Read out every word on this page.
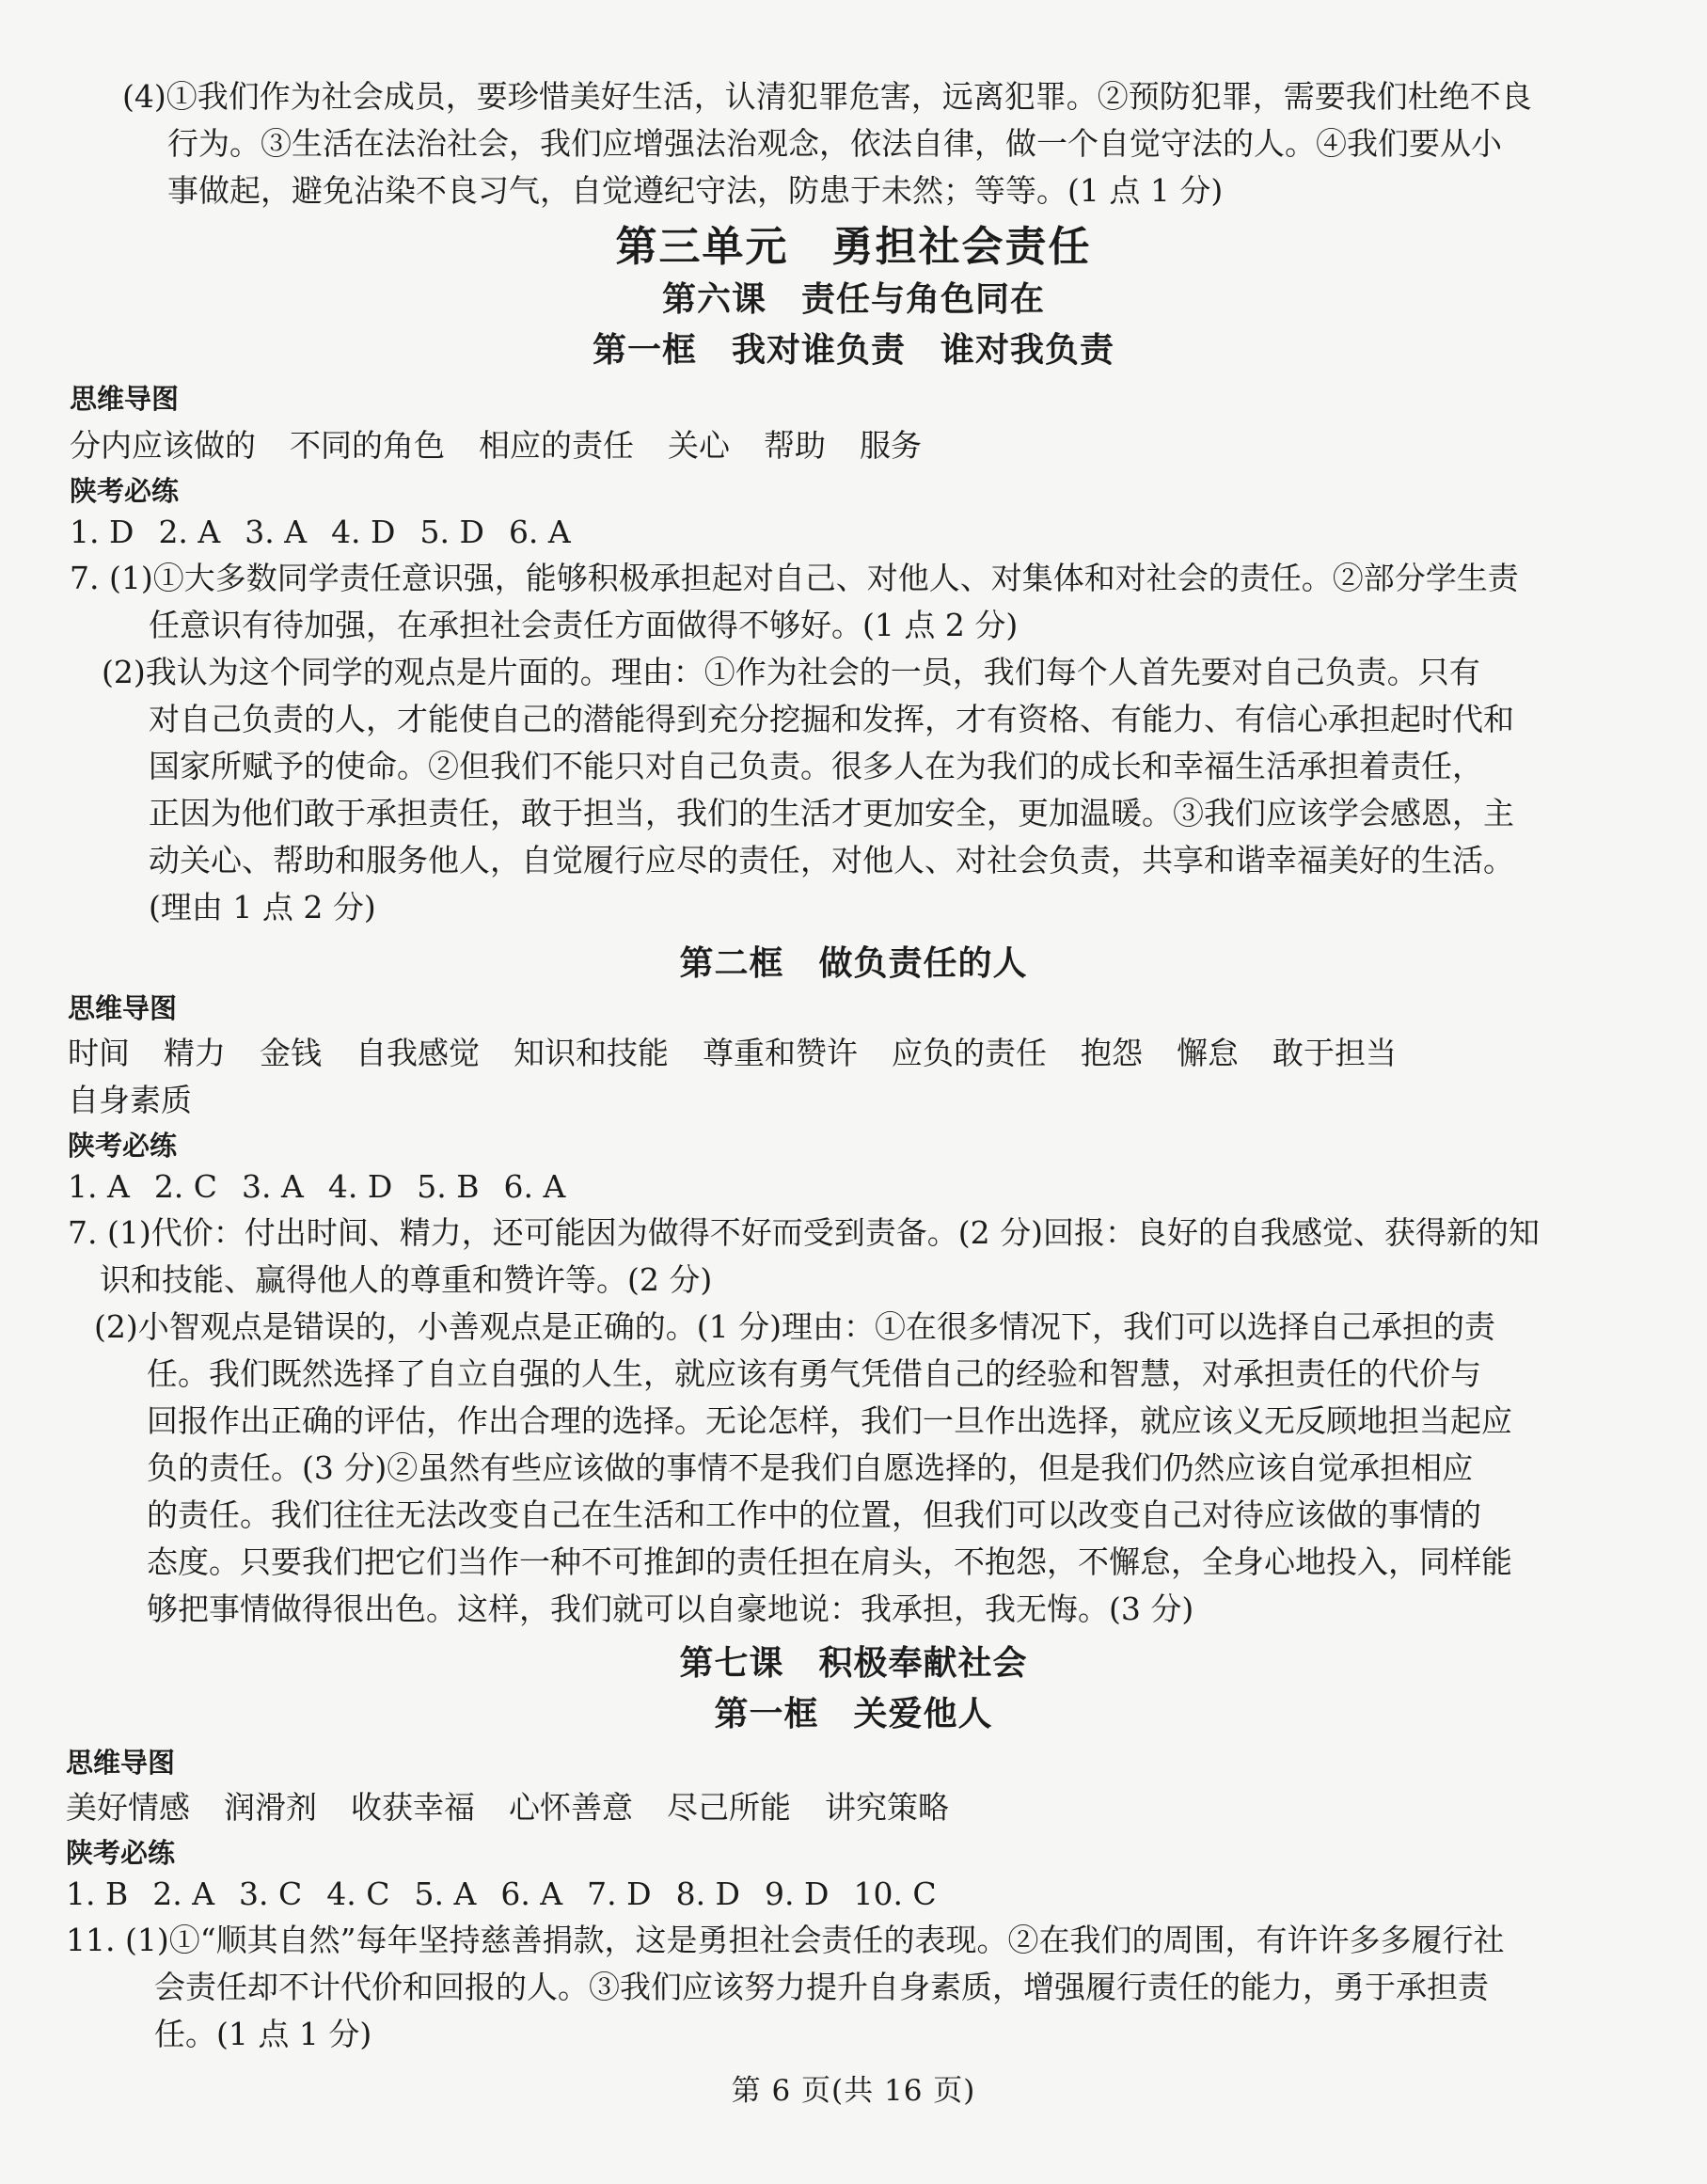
(4)①我们作为社会成员，要珍惜美好生活，认清犯罪危害，远离犯罪。②预防犯罪，需要我们杜绝不良
行为。③生活在法治社会，我们应增强法治观念，依法自律，做一个自觉守法的人。④我们要从小
事做起，避免沾染不良习气，自觉遵纪守法，防患于未然；等等。(1 点 1 分)
第三单元　勇担社会责任
第六课　责任与角色同在
第一框　我对谁负责　谁对我负责
思维导图
分内应该做的 不同的角色 相应的责任 关心 帮助 服务
陕考必练
1. D 2. A 3. A 4. D 5. D 6. A
7. (1)①大多数同学责任意识强，能够积极承担起对自己、对他人、对集体和对社会的责任。②部分学生责
任意识有待加强，在承担社会责任方面做得不够好。(1 点 2 分)
(2)我认为这个同学的观点是片面的。理由：①作为社会的一员，我们每个人首先要对自己负责。只有
对自己负责的人，才能使自己的潜能得到充分挖掘和发挥，才有资格、有能力、有信心承担起时代和
国家所赋予的使命。②但我们不能只对自己负责。很多人在为我们的成长和幸福生活承担着责任，
正因为他们敢于承担责任，敢于担当，我们的生活才更加安全，更加温暖。③我们应该学会感恩，主
动关心、帮助和服务他人，自觉履行应尽的责任，对他人、对社会负责，共享和谐幸福美好的生活。
(理由 1 点 2 分)
第二框　做负责任的人
思维导图
时间 精力 金钱 自我感觉 知识和技能 尊重和赞许 应负的责任 抱怨 懈怠 敢于担当
自身素质
陕考必练
1. A 2. C 3. A 4. D 5. B 6. A
7. (1)代价：付出时间、精力，还可能因为做得不好而受到责备。(2 分)回报：良好的自我感觉、获得新的知
识和技能、赢得他人的尊重和赞许等。(2 分)
(2)小智观点是错误的，小善观点是正确的。(1 分)理由：①在很多情况下，我们可以选择自己承担的责
任。我们既然选择了自立自强的人生，就应该有勇气凭借自己的经验和智慧，对承担责任的代价与
回报作出正确的评估，作出合理的选择。无论怎样，我们一旦作出选择，就应该义无反顾地担当起应
负的责任。(3 分)②虽然有些应该做的事情不是我们自愿选择的，但是我们仍然应该自觉承担相应
的责任。我们往往无法改变自己在生活和工作中的位置，但我们可以改变自己对待应该做的事情的
态度。只要我们把它们当作一种不可推卸的责任担在肩头，不抱怨，不懈怠，全身心地投入，同样能
够把事情做得很出色。这样，我们就可以自豪地说：我承担，我无悔。(3 分)
第七课　积极奉献社会
第一框　关爱他人
思维导图
美好情感 润滑剂 收获幸福 心怀善意 尽己所能 讲究策略
陕考必练
1. B 2. A 3. C 4. C 5. A 6. A 7. D 8. D 9. D 10. C
11. (1)①“顺其自然”每年坚持慈善捐款，这是勇担社会责任的表现。②在我们的周围，有许许多多履行社
会责任却不计代价和回报的人。③我们应该努力提升自身素质，增强履行责任的能力，勇于承担责
任。(1 点 1 分)
第 6 页(共 16 页)
